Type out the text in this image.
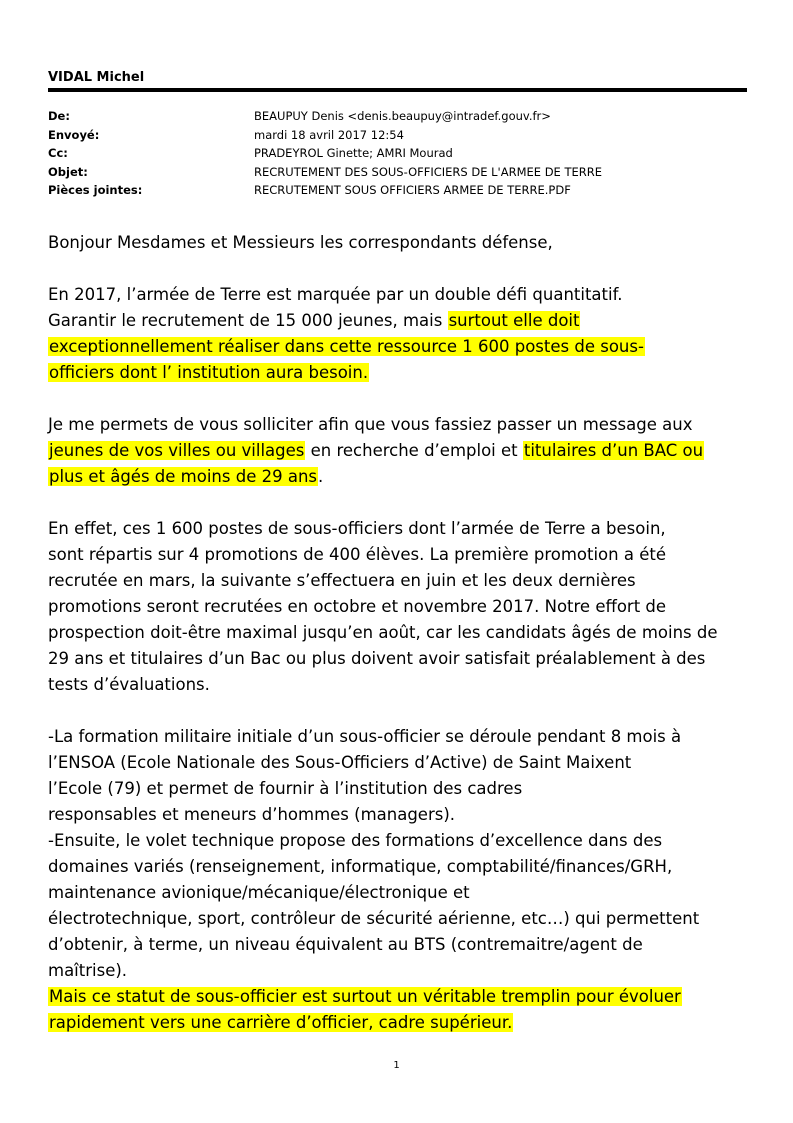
VIDAL Michel
De:	BEAUPUY Denis <denis.beaupuy@intradef.gouv.fr>
Envoyé:	mardi 18 avril 2017 12:54
Cc:	PRADEYROL Ginette; AMRI Mourad
Objet:	RECRUTEMENT DES SOUS-OFFICIERS DE L'ARMEE DE TERRE
Pièces jointes:	RECRUTEMENT SOUS OFFICIERS ARMEE DE TERRE.PDF

Bonjour Mesdames et Messieurs les correspondants défense,

En 2017, l’armée de Terre est marquée par un double défi quantitatif.

Garantir le recrutement de 15 000 jeunes, mais surtout elle doit

exceptionnellement réaliser dans cette ressource 1 600 postes de sous-

officiers dont l’ institution aura besoin.

Je me permets de vous solliciter afin que vous fassiez passer un message aux

jeunes de vos villes ou villages en recherche d’emploi et titulaires d’un BAC ou

plus et âgés de moins de 29 ans.

En effet, ces 1 600 postes de sous-officiers dont l’armée de Terre a besoin,

sont répartis sur 4 promotions de 400 élèves. La première promotion a été

recrutée en mars, la suivante s’effectuera en juin et les deux dernières

promotions seront recrutées en octobre et novembre 2017. Notre effort de

prospection doit-être maximal jusqu’en août, car les candidats âgés de moins de

29 ans et titulaires d’un Bac ou plus doivent avoir satisfait préalablement à des

tests d’évaluations.

-La formation militaire initiale d’un sous-officier se déroule pendant 8 mois à

l’ENSOA (Ecole Nationale des Sous-Officiers d’Active) de Saint Maixent

l’Ecole (79) et permet de fournir à l’institution des cadres

responsables et meneurs d’hommes (managers).

-Ensuite, le volet technique propose des formations d’excellence dans des

domaines variés (renseignement, informatique, comptabilité/finances/GRH,

maintenance avionique/mécanique/électronique et

électrotechnique, sport, contrôleur de sécurité aérienne, etc…) qui permettent

d’obtenir, à terme, un niveau équivalent au BTS (contremaitre/agent de

maîtrise).

Mais ce statut de sous-officier est surtout un véritable tremplin pour évoluer

rapidement vers une carrière d’officier, cadre supérieur.

1
